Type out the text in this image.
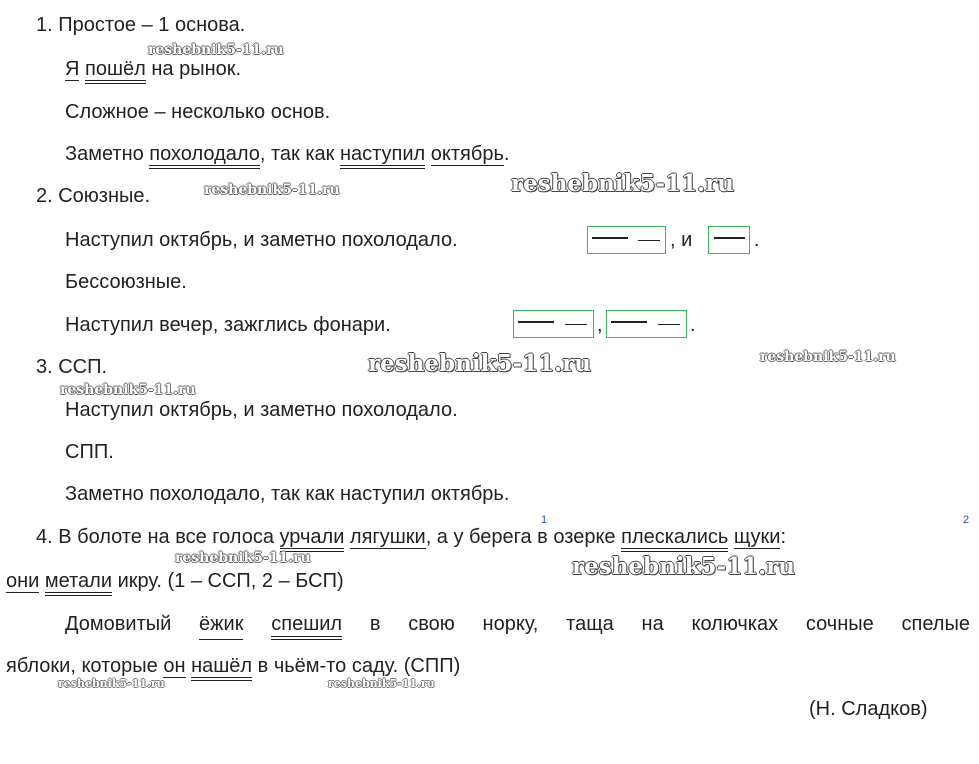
1. Простое – 1 основа.
Я пошёл на рынок.
Сложное – несколько основ.
Заметно похолодало, так как наступил октябрь.
2. Союзные.
Наступил октябрь, и заметно похолодало.	, и	.
Бессоюзные.
Наступил вечер, зажглись фонари.	,	.
3. ССП.
Наступил октябрь, и заметно похолодало.
СПП.
Заметно похолодало, так как наступил октябрь.
4. В болоте на все голоса урчали лягушки, а у берега в озерке плескались щуки:
1	2
они метали икру. (1 – ССП, 2 – БСП)
Домовитый ёжик спешил в свою норку, таща на колючках сочные спелые
яблоки, которые он нашёл в чьём-то саду. (СПП)
(Н. Сладков)
reshebnik5-11.ru
reshebnik5-11.ru	reshebnik5-11.ru
reshebnik5-11.ru	reshebnik5-11.ru
reshebnik5-11.ru
reshebnik5-11.ru	reshebnik5-11.ru
reshebnik5-11.ru	reshebnik5-11.ru
